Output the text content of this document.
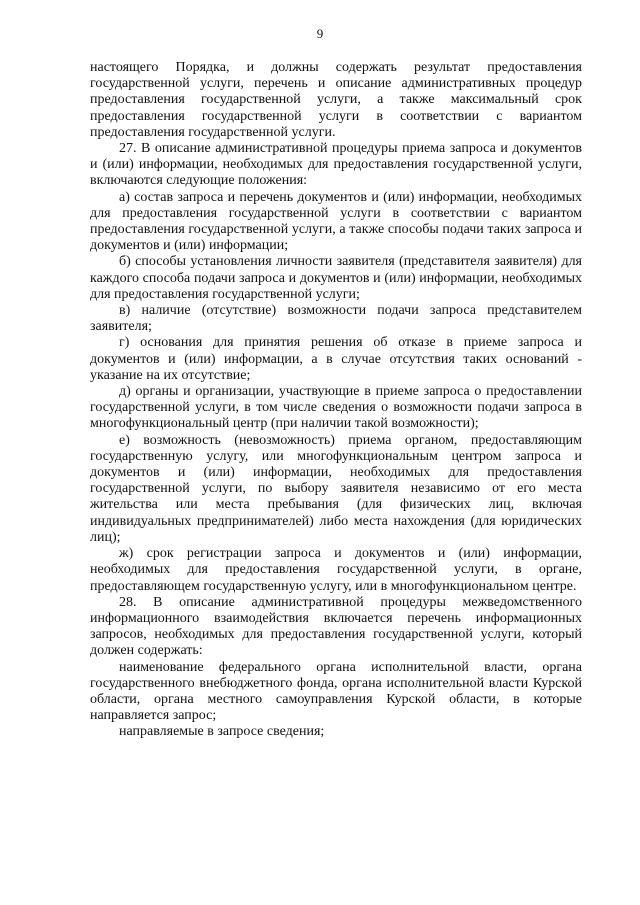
9

настоящего Порядка, и должны содержать результат предоставления государственной услуги, перечень и описание административных процедур предоставления государственной услуги, а также максимальный срок предоставления государственной услуги в соответствии с вариантом предоставления государственной услуги.

27. В описание административной процедуры приема запроса и документов и (или) информации, необходимых для предоставления государственной услуги, включаются следующие положения:

а) состав запроса и перечень документов и (или) информации, необходимых для предоставления государственной услуги в соответствии с вариантом предоставления государственной услуги, а также способы подачи таких запроса и документов и (или) информации;

б) способы установления личности заявителя (представителя заявителя) для каждого способа подачи запроса и документов и (или) информации, необходимых для предоставления государственной услуги;

в) наличие (отсутствие) возможности подачи запроса представителем заявителя;

г) основания для принятия решения об отказе в приеме запроса и документов и (или) информации, а в случае отсутствия таких оснований - указание на их отсутствие;

д) органы и организации, участвующие в приеме запроса о предоставлении государственной услуги, в том числе сведения о возможности подачи запроса в многофункциональный центр (при наличии такой возможности);

е) возможность (невозможность) приема органом, предоставляющим государственную услугу, или многофункциональным центром запроса и документов и (или) информации, необходимых для предоставления государственной услуги, по выбору заявителя независимо от его места жительства или места пребывания (для физических лиц, включая индивидуальных предпринимателей) либо места нахождения (для юридических лиц);

ж) срок регистрации запроса и документов и (или) информации, необходимых для предоставления государственной услуги, в органе, предоставляющем государственную услугу, или в многофункциональном центре.

28. В описание административной процедуры межведомственного информационного взаимодействия включается перечень информационных запросов, необходимых для предоставления государственной услуги, который должен содержать:

наименование федерального органа исполнительной власти, органа государственного внебюджетного фонда, органа исполнительной власти Курской области, органа местного самоуправления Курской области, в которые направляется запрос;

направляемые в запросе сведения;
